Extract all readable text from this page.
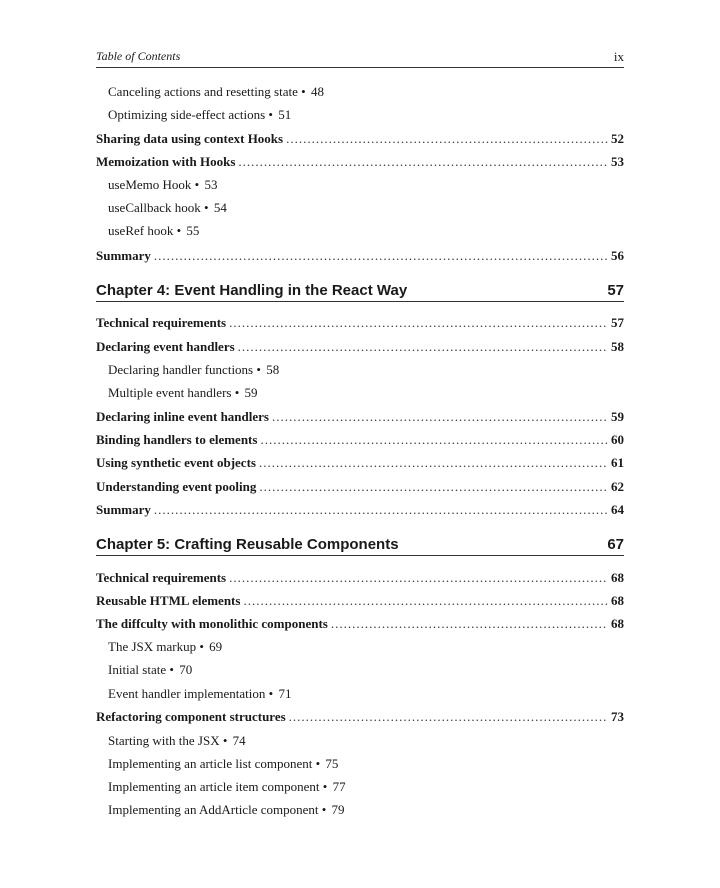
Table of Contents	ix
Canceling actions and resetting state • 48
Optimizing side-effect actions • 51
Sharing data using context Hooks .....	52
Memoization with Hooks .....	53
useMemo Hook • 53
useCallback hook • 54
useRef hook • 55
Summary .....	56
Chapter 4: Event Handling in the React Way	57
Technical requirements .....	57
Declaring event handlers .....	58
Declaring handler functions • 58
Multiple event handlers • 59
Declaring inline event handlers .....	59
Binding handlers to elements .....	60
Using synthetic event objects .....	61
Understanding event pooling .....	62
Summary .....	64
Chapter 5: Crafting Reusable Components	67
Technical requirements .....	68
Reusable HTML elements .....	68
The diffculty with monolithic components .....	68
The JSX markup • 69
Initial state • 70
Event handler implementation • 71
Refactoring component structures .....	73
Starting with the JSX • 74
Implementing an article list component • 75
Implementing an article item component • 77
Implementing an AddArticle component • 79
